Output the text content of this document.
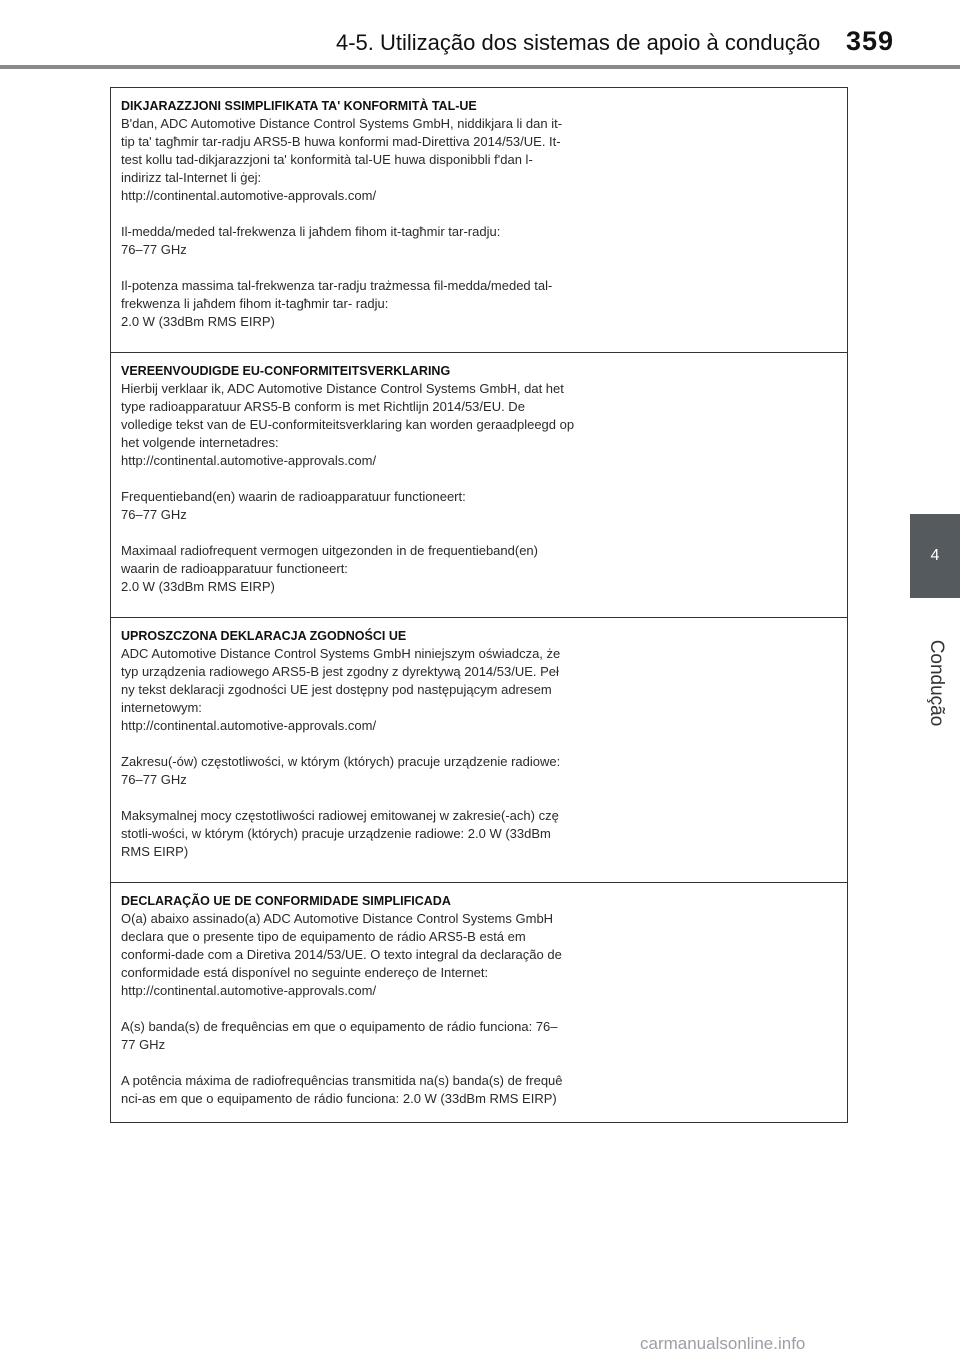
4-5. Utilização dos sistemas de apoio à condução 359
4
Condução
DIKJARAZZJONI SSIMPLIFIKATA TA' KONFORMITÀ TAL-UE
B'dan, ADC Automotive Distance Control Systems GmbH, niddikjara li dan it-
tip ta' tagħmir tar-radju ARS5-B huwa konformi mad-Direttiva 2014/53/UE. It-
test kollu tad-dikjarazzjoni ta' konformità tal-UE huwa disponibbli f'dan l-
indirizz tal-Internet li ġej:
http://continental.automotive-approvals.com/
Il-medda/meded tal-frekwenza li jaħdem fihom it-tagħmir tar-radju:
76–77 GHz
Il-potenza massima tal-frekwenza tar-radju trażmessa fil-medda/meded tal-
frekwenza li jaħdem fihom it-tagħmir tar- radju:
2.0 W (33dBm RMS EIRP)
VEREENVOUDIGDE EU-CONFORMITEITSVERKLARING
Hierbij verklaar ik, ADC Automotive Distance Control Systems GmbH, dat het
type radioapparatuur ARS5-B conform is met Richtlijn 2014/53/EU. De
volledige tekst van de EU-conformiteitsverklaring kan worden geraadpleegd op
het volgende internetadres:
http://continental.automotive-approvals.com/
Frequentieband(en) waarin de radioapparatuur functioneert:
76–77 GHz
Maximaal radiofrequent vermogen uitgezonden in de frequentieband(en)
waarin de radioapparatuur functioneert:
2.0 W (33dBm RMS EIRP)
UPROSZCZONA DEKLARACJA ZGODNOŚCI UE
ADC Automotive Distance Control Systems GmbH niniejszym oświadcza, że
typ urządzenia radiowego ARS5-B jest zgodny z dyrektywą 2014/53/UE. Peł
ny tekst deklaracji zgodności UE jest dostępny pod następującym adresem
internetowym:
http://continental.automotive-approvals.com/
Zakresu(-ów) częstotliwości, w którym (których) pracuje urządzenie radiowe:
76–77 GHz
Maksymalnej mocy częstotliwości radiowej emitowanej w zakresie(-ach) czę
stotli-wości, w którym (których) pracuje urządzenie radiowe: 2.0 W (33dBm
RMS EIRP)
DECLARAÇÃO UE DE CONFORMIDADE SIMPLIFICADA
O(a) abaixo assinado(a) ADC Automotive Distance Control Systems GmbH
declara que o presente tipo de equipamento de rádio ARS5-B está em
conformi-dade com a Diretiva 2014/53/UE. O texto integral da declaração de
conformidade está disponível no seguinte endereço de Internet:
http://continental.automotive-approvals.com/
A(s) banda(s) de frequências em que o equipamento de rádio funciona: 76–
77 GHz
A potência máxima de radiofrequências transmitida na(s) banda(s) de frequê
nci-as em que o equipamento de rádio funciona: 2.0 W (33dBm RMS EIRP)
carmanualsonline.info
